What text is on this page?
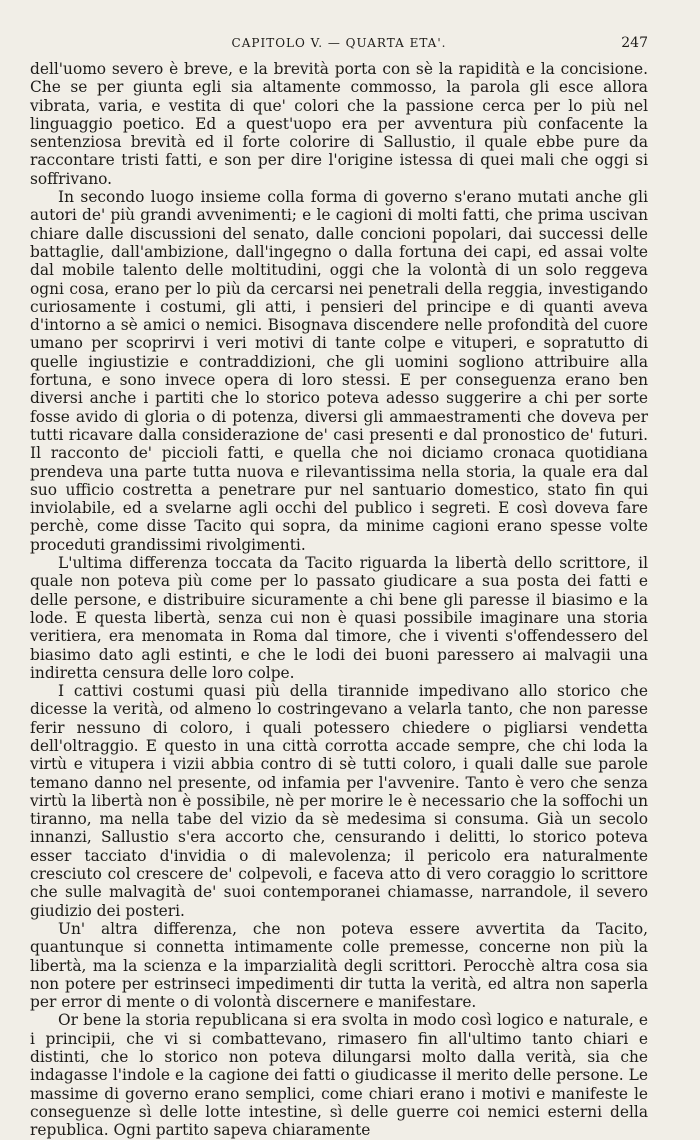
CAPITOLO V. — QUARTA ETA'.	247

dell'uomo severo è breve, e la brevità porta con sè la rapidità e la concisione. Che se per giunta egli sia altamente commosso, la parola gli esce allora vibrata, varia, e vestita di que' colori che la passione cerca per lo più nel linguaggio poetico. Ed a quest'uopo era per avventura più confacente la sentenziosa brevità ed il forte colorire di Sallustio, il quale ebbe pure da raccontare tristi fatti, e son per dire l'origine istessa di quei mali che oggi si soffrivano.

In secondo luogo insieme colla forma di governo s'erano mutati anche gli autori de' più grandi avvenimenti; e le cagioni di molti fatti, che prima uscivan chiare dalle discussioni del senato, dalle concioni popolari, dai successi delle battaglie, dall'ambizione, dall'ingegno o dalla fortuna dei capi, ed assai volte dal mobile talento delle moltitudini, oggi che la volontà di un solo reggeva ogni cosa, erano per lo più da cercarsi nei penetrali della reggia, investigando curiosamente i costumi, gli atti, i pensieri del principe e di quanti aveva d'intorno a sè amici o nemici. Bisognava discendere nelle profondità del cuore umano per scoprirvi i veri motivi di tante colpe e vituperi, e sopratutto di quelle ingiustizie e contraddizioni, che gli uomini sogliono attribuire alla fortuna, e sono invece opera di loro stessi. E per conseguenza erano ben diversi anche i partiti che lo storico poteva adesso suggerire a chi per sorte fosse avido di gloria o di potenza, diversi gli ammaestramenti che doveva per tutti ricavare dalla considerazione de' casi presenti e dal pronostico de' futuri. Il racconto de' piccioli fatti, e quella che noi diciamo cronaca quotidiana prendeva una parte tutta nuova e rilevantissima nella storia, la quale era dal suo ufficio costretta a penetrare pur nel santuario domestico, stato fin qui inviolabile, ed a svelarne agli occhi del publico i segreti. E così doveva fare perchè, come disse Tacito qui sopra, da minime cagioni erano spesse volte proceduti grandissimi rivolgimenti.

L'ultima differenza toccata da Tacito riguarda la libertà dello scrittore, il quale non poteva più come per lo passato giudicare a sua posta dei fatti e delle persone, e distribuire sicuramente a chi bene gli paresse il biasimo e la lode. E questa libertà, senza cui non è quasi possibile imaginare una storia veritiera, era menomata in Roma dal timore, che i viventi s'offendessero del biasimo dato agli estinti, e che le lodi dei buoni paressero ai malvagii una indiretta censura delle loro colpe.

I cattivi costumi quasi più della tirannide impedivano allo storico che dicesse la verità, od almeno lo costringevano a velarla tanto, che non paresse ferir nessuno di coloro, i quali potessero chiedere o pigliarsi vendetta dell'oltraggio. E questo in una città corrotta accade sempre, che chi loda la virtù e vitupera i vizii abbia contro di sè tutti coloro, i quali dalle sue parole temano danno nel presente, od infamia per l'avvenire. Tanto è vero che senza virtù la libertà non è possibile, nè per morire le è necessario che la soffochi un tiranno, ma nella tabe del vizio da sè medesima si consuma. Già un secolo innanzi, Sallustio s'era accorto che, censurando i delitti, lo storico poteva esser tacciato d'invidia o di malevolenza; il pericolo era naturalmente cresciuto col crescere de' colpevoli, e faceva atto di vero coraggio lo scrittore che sulle malvagità de' suoi contemporanei chiamasse, narrandole, il severo giudizio dei posteri.

Un' altra differenza, che non poteva essere avvertita da Tacito, quantunque si connetta intimamente colle premesse, concerne non più la libertà, ma la scienza e la imparzialità degli scrittori. Perocchè altra cosa sia non potere per estrinseci impedimenti dir tutta la verità, ed altra non saperla per error di mente o di volontà discernere e manifestare.

Or bene la storia republicana si era svolta in modo così logico e naturale, e i principii, che vi si combattevano, rimasero fin all'ultimo tanto chiari e distinti, che lo storico non poteva dilungarsi molto dalla verità, sia che indagasse l'indole e la cagione dei fatti o giudicasse il merito delle persone. Le massime di governo erano semplici, come chiari erano i motivi e manifeste le conseguenze sì delle lotte intestine, sì delle guerre coi nemici esterni della republica. Ogni partito sapeva chiaramente
